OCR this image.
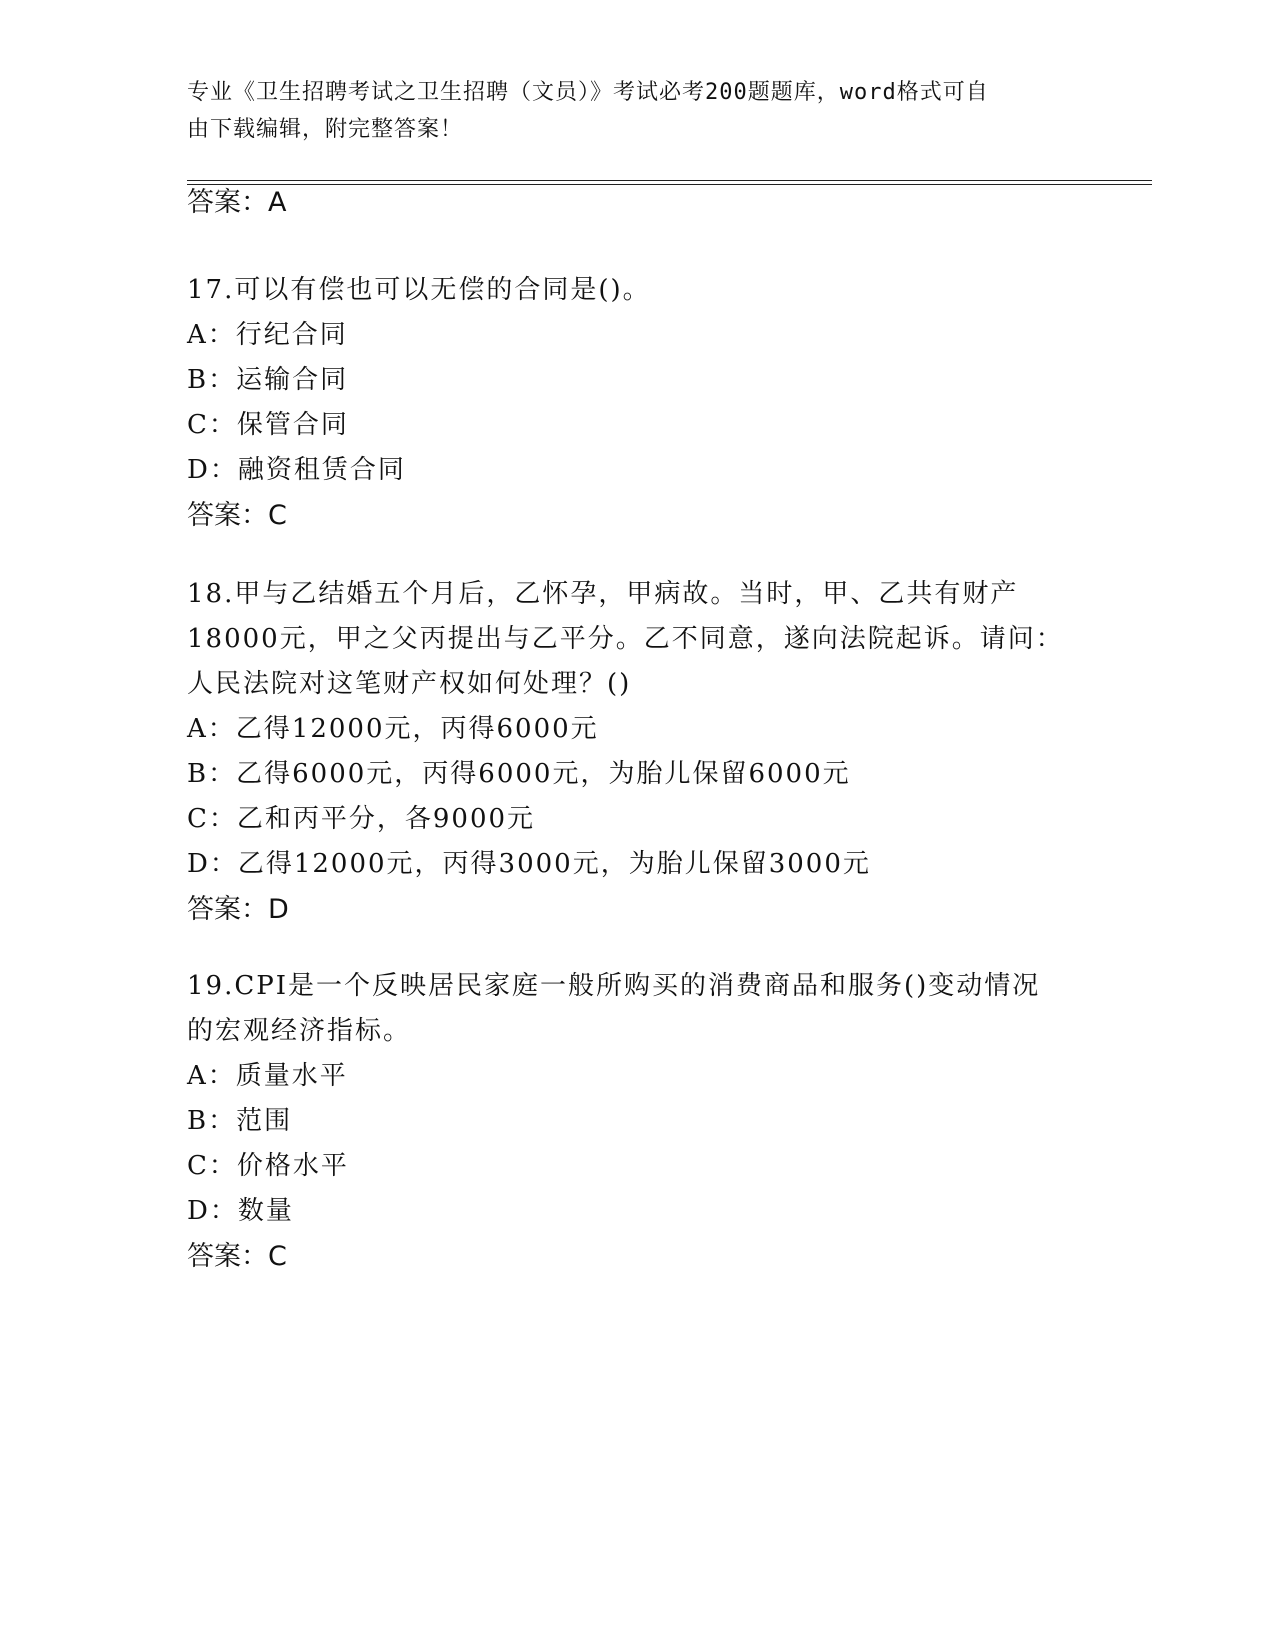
专业《卫生招聘考试之卫生招聘（文员）》考试必考200题题库，word格式可自
由下载编辑，附完整答案！
答案：A
17.可以有偿也可以无偿的合同是()。
A：行纪合同
B：运输合同
C：保管合同
D：融资租赁合同
答案：C
18.甲与乙结婚五个月后，乙怀孕，甲病故。当时，甲、乙共有财产
18000元，甲之父丙提出与乙平分。乙不同意，遂向法院起诉。请问：
人民法院对这笔财产权如何处理？()
A：乙得12000元，丙得6000元
B：乙得6000元，丙得6000元，为胎儿保留6000元
C：乙和丙平分，各9000元
D：乙得12000元，丙得3000元，为胎儿保留3000元
答案：D
19.CPI是一个反映居民家庭一般所购买的消费商品和服务()变动情况
的宏观经济指标。
A：质量水平
B：范围
C：价格水平
D：数量
答案：C
